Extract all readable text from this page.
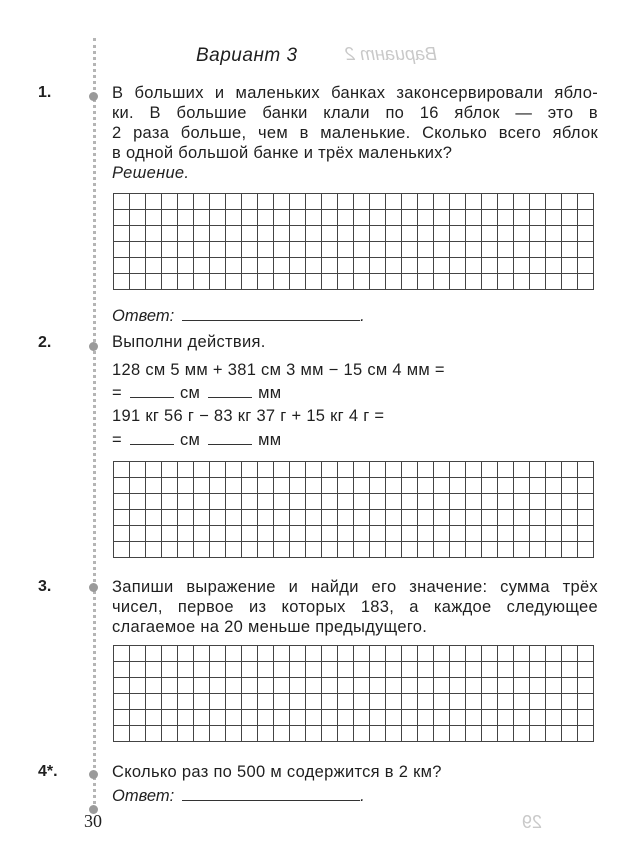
Вариант 2
29
Вариант 3
1.	В больших и маленьких банках законсервировали ябло-
ки. В большие банки клали по 16 яблок — это в
2 раза больше, чем в маленькие. Сколько всего яблок
в одной большой банке и трёх маленьких?
Решение.
Ответ:	.
2.	Выполни действия.
128 см 5 мм + 381 см 3 мм − 15 см 4 мм =
=	см	мм
191 кг 56 г − 83 кг 37 г + 15 кг 4 г =
=	см	мм
3.	Запиши выражение и найди его значение: сумма трёх
чисел, первое из которых 183, а каждое следующее
слагаемое на 20 меньше предыдущего.
4*.	Сколько раз по 500 м содержится в 2 км?
Ответ:	.
30
